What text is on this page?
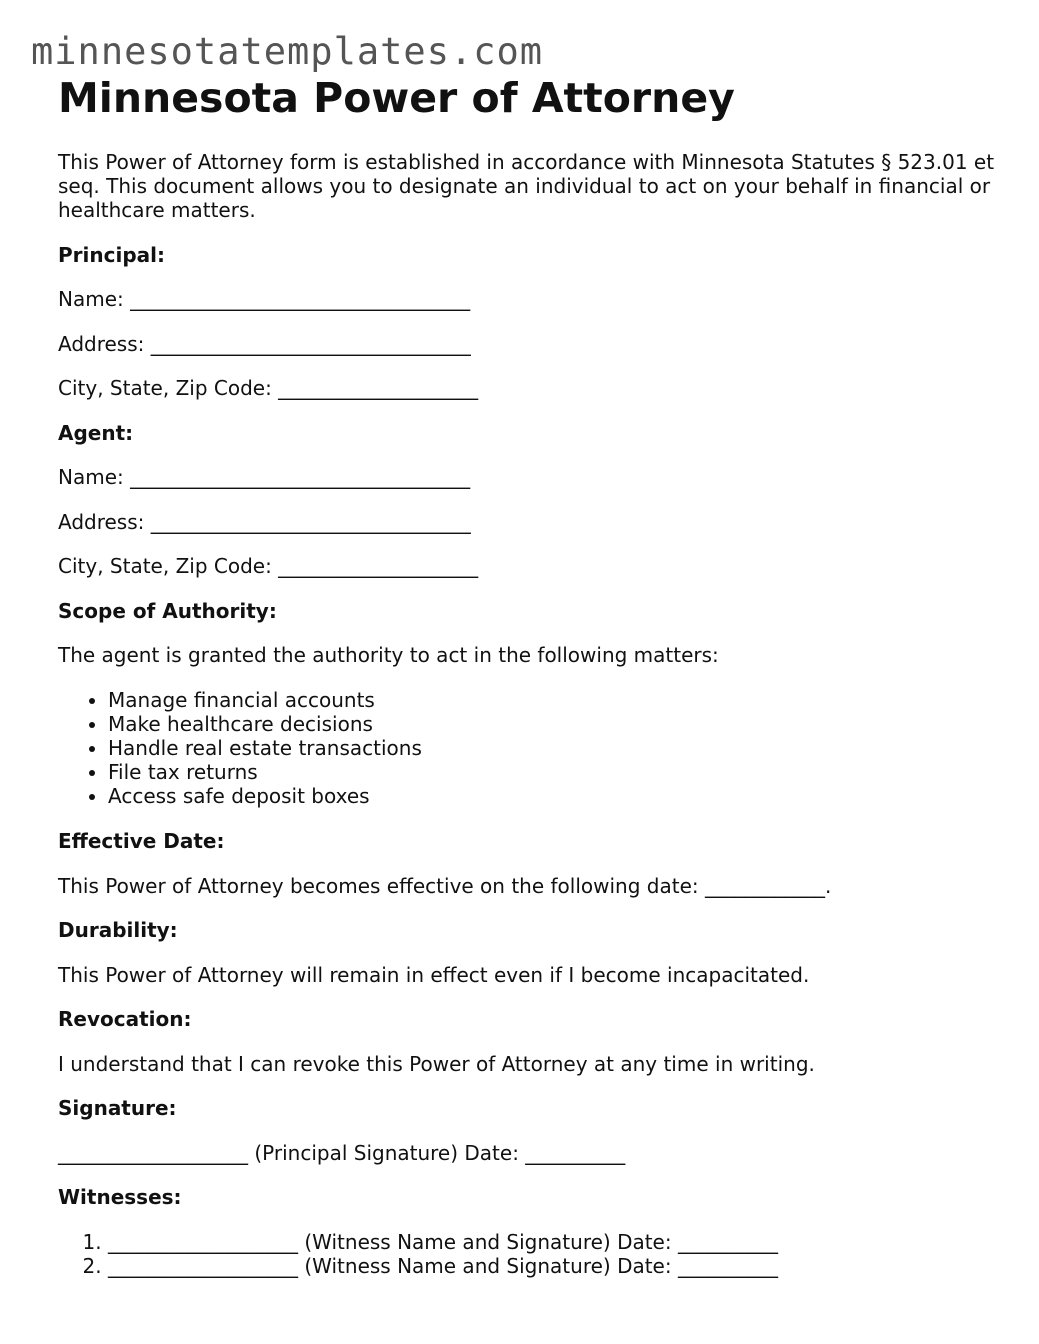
minnesotatemplates.com
Minnesota Power of Attorney

This Power of Attorney form is established in accordance with Minnesota Statutes § 523.01 et seq. This document allows you to designate an individual to act on your behalf in financial or healthcare matters.

Principal:

Name: __________________________________

Address: ________________________________

City, State, Zip Code: ____________________

Agent:

Name: __________________________________

Address: ________________________________

City, State, Zip Code: ____________________

Scope of Authority:

The agent is granted the authority to act in the following matters:

• Manage financial accounts
• Make healthcare decisions
• Handle real estate transactions
• File tax returns
• Access safe deposit boxes

Effective Date:

This Power of Attorney becomes effective on the following date: ____________.

Durability:

This Power of Attorney will remain in effect even if I become incapacitated.

Revocation:

I understand that I can revoke this Power of Attorney at any time in writing.

Signature:

___________________ (Principal Signature) Date: __________

Witnesses:

1. ___________________ (Witness Name and Signature) Date: __________
2. ___________________ (Witness Name and Signature) Date: __________
